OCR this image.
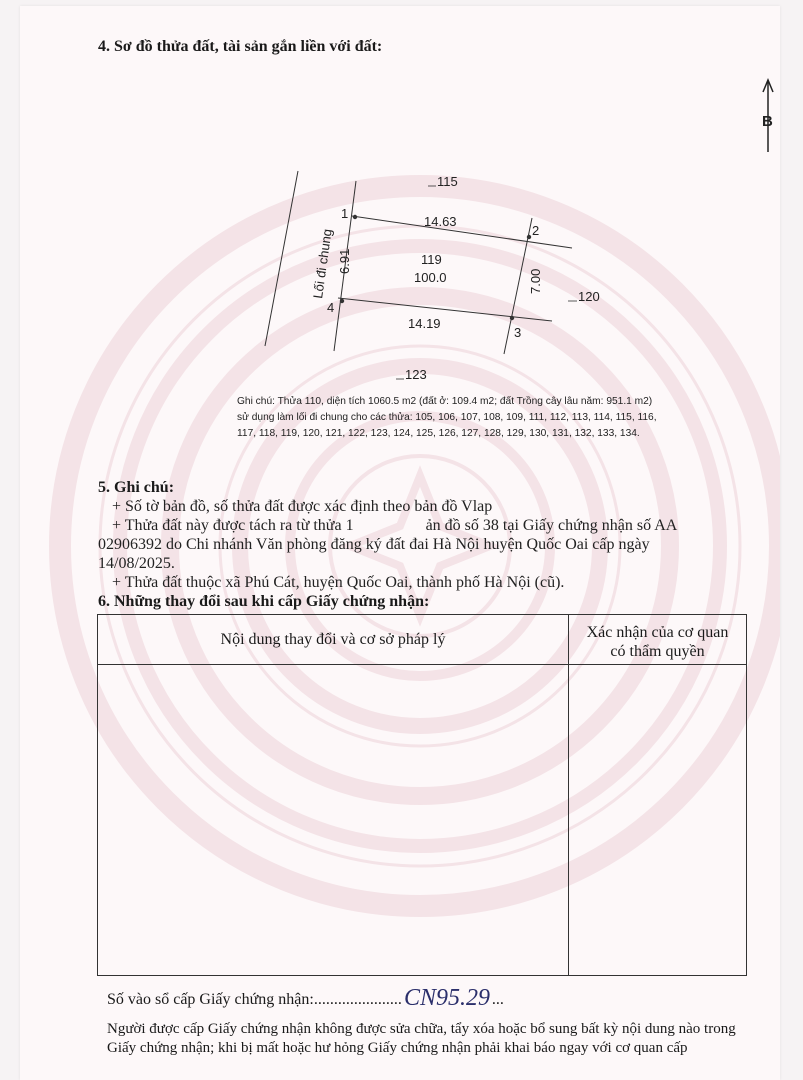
4. Sơ đồ thửa đất, tài sản gắn liền với đất:
B
1
2
3
4
14.63
14.19
6.91
7.00
Lối đi chung	119
100.0
115
120
123
Ghi chú: Thửa 110, diện tích 1060.5 m2 (đất ở: 109.4 m2; đất Trồng cây lâu năm: 951.1 m2)
sử dụng làm lối đi chung cho các thửa: 105, 106, 107, 108, 109, 111, 112, 113, 114, 115, 116,
117, 118, 119, 120, 121, 122, 123, 124, 125, 126, 127, 128, 129, 130, 131, 132, 133, 134.
5. Ghi chú:
+ Số tờ bản đồ, số thửa đất được xác định theo bản đồ Vlap
+ Thửa đất này được tách ra từ thửa 1                  ản đồ số 38 tại Giấy chứng nhận số AA
02906392 do Chi nhánh Văn phòng đăng ký đất đai Hà Nội huyện Quốc Oai cấp ngày
14/08/2025.
+ Thửa đất thuộc xã Phú Cát, huyện Quốc Oai, thành phố Hà Nội (cũ).
6. Những thay đổi sau khi cấp Giấy chứng nhận:
Nội dung thay đổi và cơ sở pháp lý	Xác nhận của cơ quan
có thẩm quyền
Số vào sổ cấp Giấy chứng nhận:...................... CN95.29 ...
Người được cấp Giấy chứng nhận không được sửa chữa, tẩy xóa hoặc bổ sung bất kỳ nội dung nào trong
Giấy chứng nhận; khi bị mất hoặc hư hỏng Giấy chứng nhận phải khai báo ngay với cơ quan cấp
